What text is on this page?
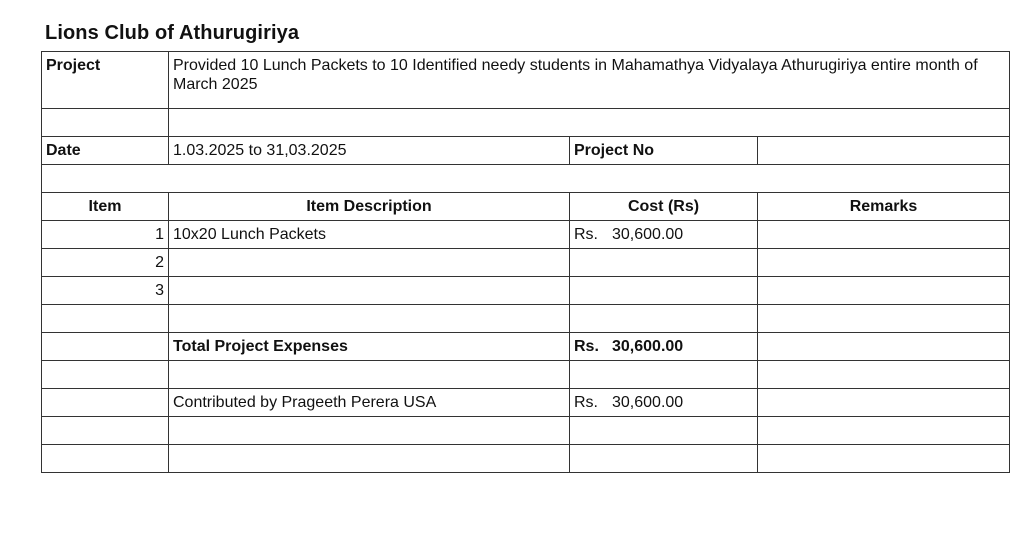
Lions Club of Athurugiriya
Project	Provided 10 Lunch Packets to 10 Identified needy students in Mahamathya Vidyalaya Athurugiriya entire month of March 2025		

Date	1.03.2025 to 31,03.2025	Project No	

Item	Item Description	Cost (Rs)	Remarks
1	10x20 Lunch Packets	Rs. 30,600.00	
2			
3			

	Total Project Expenses	Rs. 30,600.00	

	Contributed by Prageeth Perera USA	Rs. 30,600.00	
